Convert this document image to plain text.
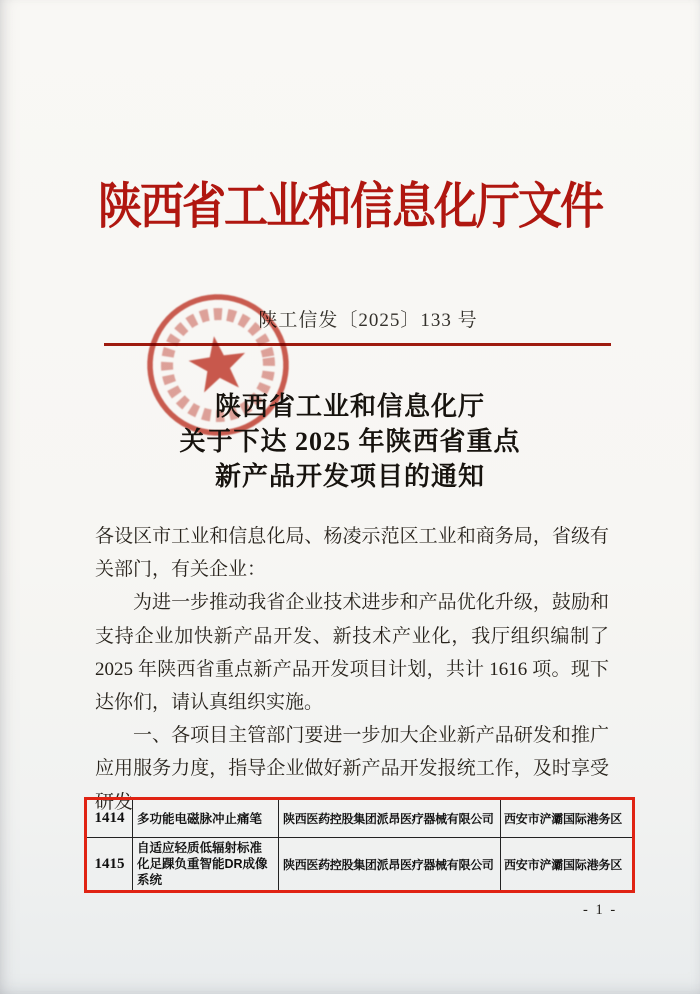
陕西省工业和信息化厅文件
陕工信发〔2025〕133 号
陕西省工业和信息化厅
关于下达 2025 年陕西省重点
新产品开发项目的通知

各设区市工业和信息化局、杨凌示范区工业和商务局，省级有关部门，有关企业：

为进一步推动我省企业技术进步和产品优化升级，鼓励和支持企业加快新产品开发、新技术产业化，我厅组织编制了 2025 年陕西省重点新产品开发项目计划，共计 1616 项。现下达你们，请认真组织实施。

一、各项目主管部门要进一步加大企业新产品研发和推广应用服务力度，指导企业做好新产品开发报统工作，及时享受研发

1414	多功能电磁脉冲止痛笔	陕西医药控股集团派昂医疗器械有限公司	西安市浐灞国际港务区
1415	自适应轻质低辐射标准化足踝负重智能DR成像系统	陕西医药控股集团派昂医疗器械有限公司	西安市浐灞国际港务区
- 1 -
